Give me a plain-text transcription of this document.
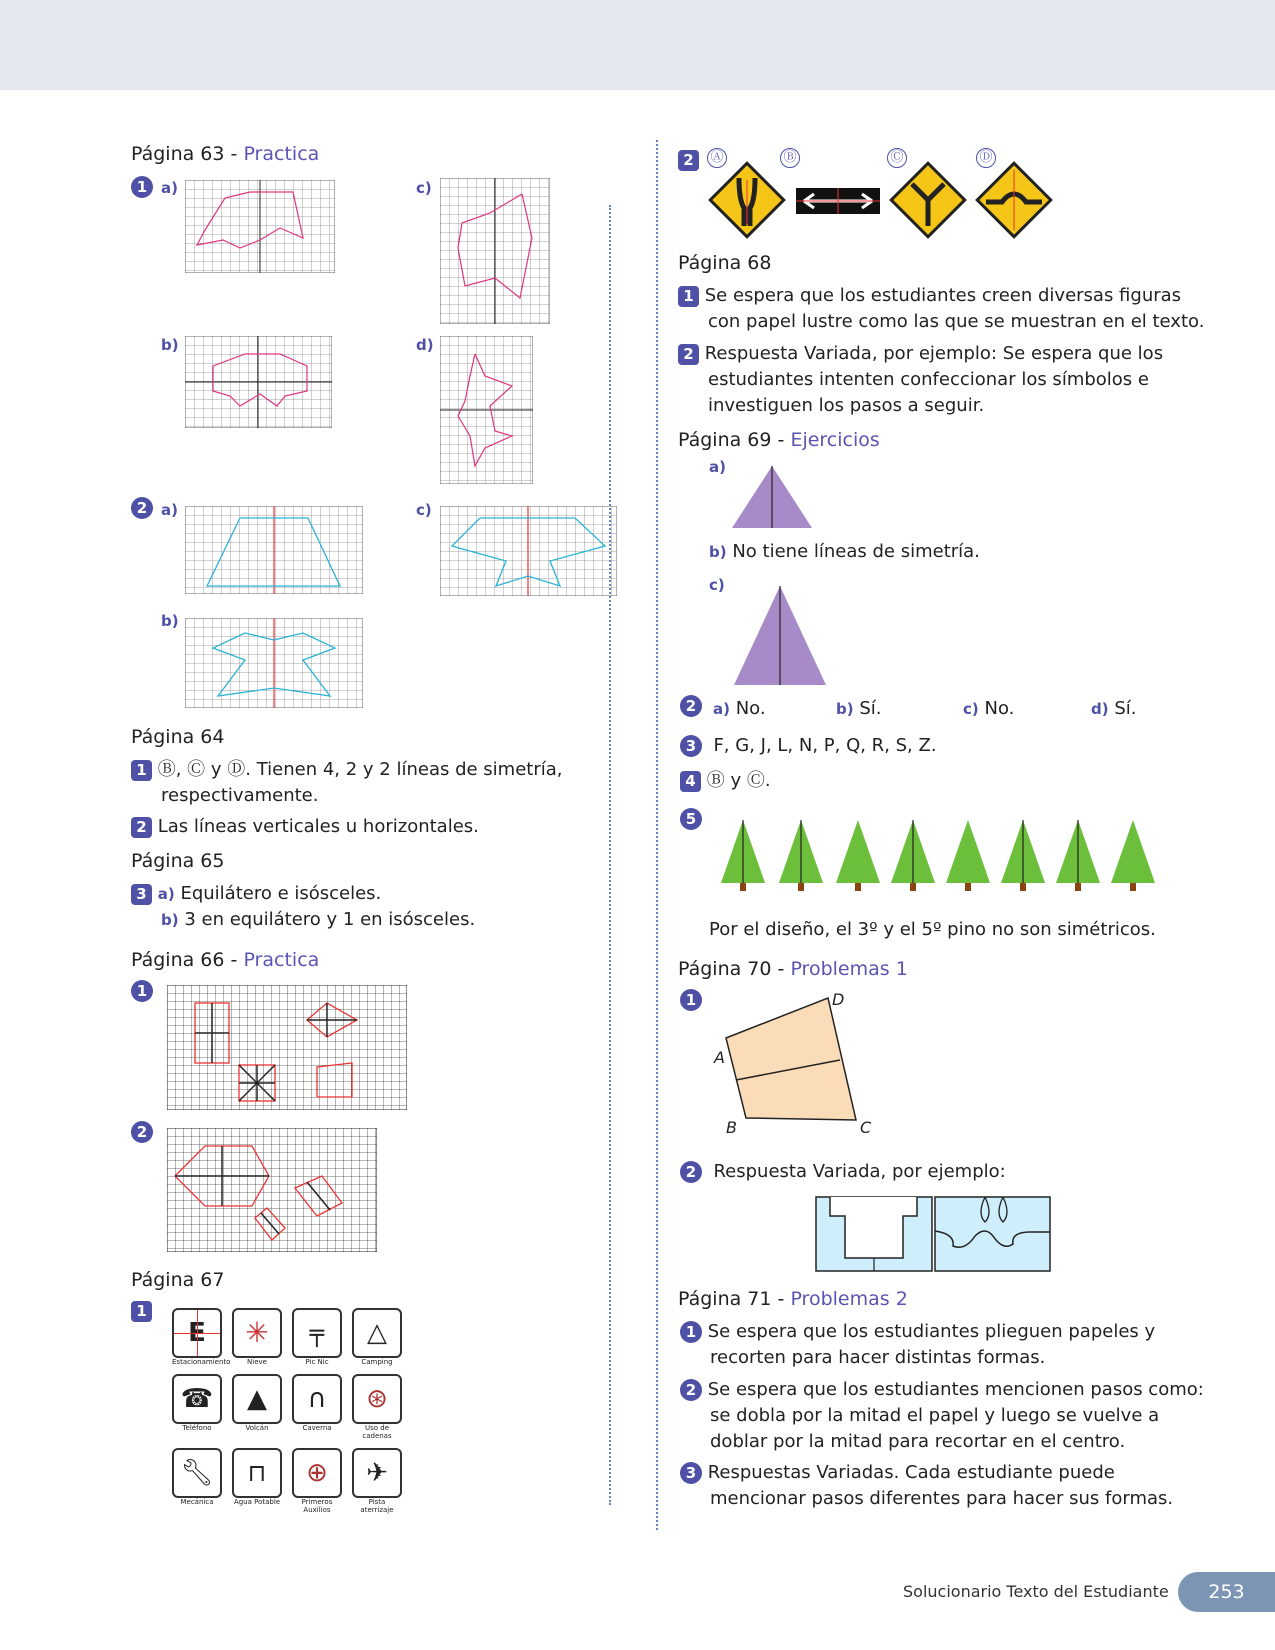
Página 63 - Practica
1 a)	c)
b)	d)
2 a)	c)
b)
Página 64
1 Ⓑ, Ⓒ y Ⓓ. Tienen 4, 2 y 2 líneas de simetría,
respectivamente.
2 Las líneas verticales u horizontales.
Página 65
3 a) Equilátero e isósceles.
b) 3 en equilátero y 1 en isósceles.
Página 66 - Practica
1
2
Página 67
1
Estacionamiento
✳
Nieve
╤
Pic Nic
△
Camping
☎
Teléfono
▲
Volcán
∩
Caverna
⊛
Uso de cadenas
🔧︎
Mecánica
⊓
Agua Potable
⊕
Primeros Auxilios
✈
Pista aterrizaje
2	Ⓐ	Ⓑ	Ⓒ	Ⓓ
Página 68
1 Se espera que los estudiantes creen diversas figuras
con papel lustre como las que se muestran en el texto.
2 Respuesta Variada, por ejemplo: Se espera que los
estudiantes intenten confeccionar los símbolos e
investiguen los pasos a seguir.
Página 69 - Ejercicios
a)
b) No tiene líneas de simetría.
c)
2	a) No.	b) Sí.	c) No.	d) Sí.
3 F, G, J, L, N, P, Q, R, S, Z.
4 Ⓑ y Ⓒ.
5
Por el diseño, el 3º y el 5º pino no son simétricos.
Página 70 - Problemas 1
1	D
A
B	C
2 Respuesta Variada, por ejemplo:
Página 71 - Problemas 2
1 Se espera que los estudiantes plieguen papeles y
recorten para hacer distintas formas.
2 Se espera que los estudiantes mencionen pasos como:
se dobla por la mitad el papel y luego se vuelve a
doblar por la mitad para recortar en el centro.
3 Respuestas Variadas. Cada estudiante puede
mencionar pasos diferentes para hacer sus formas.
Solucionario Texto del Estudiante	253
